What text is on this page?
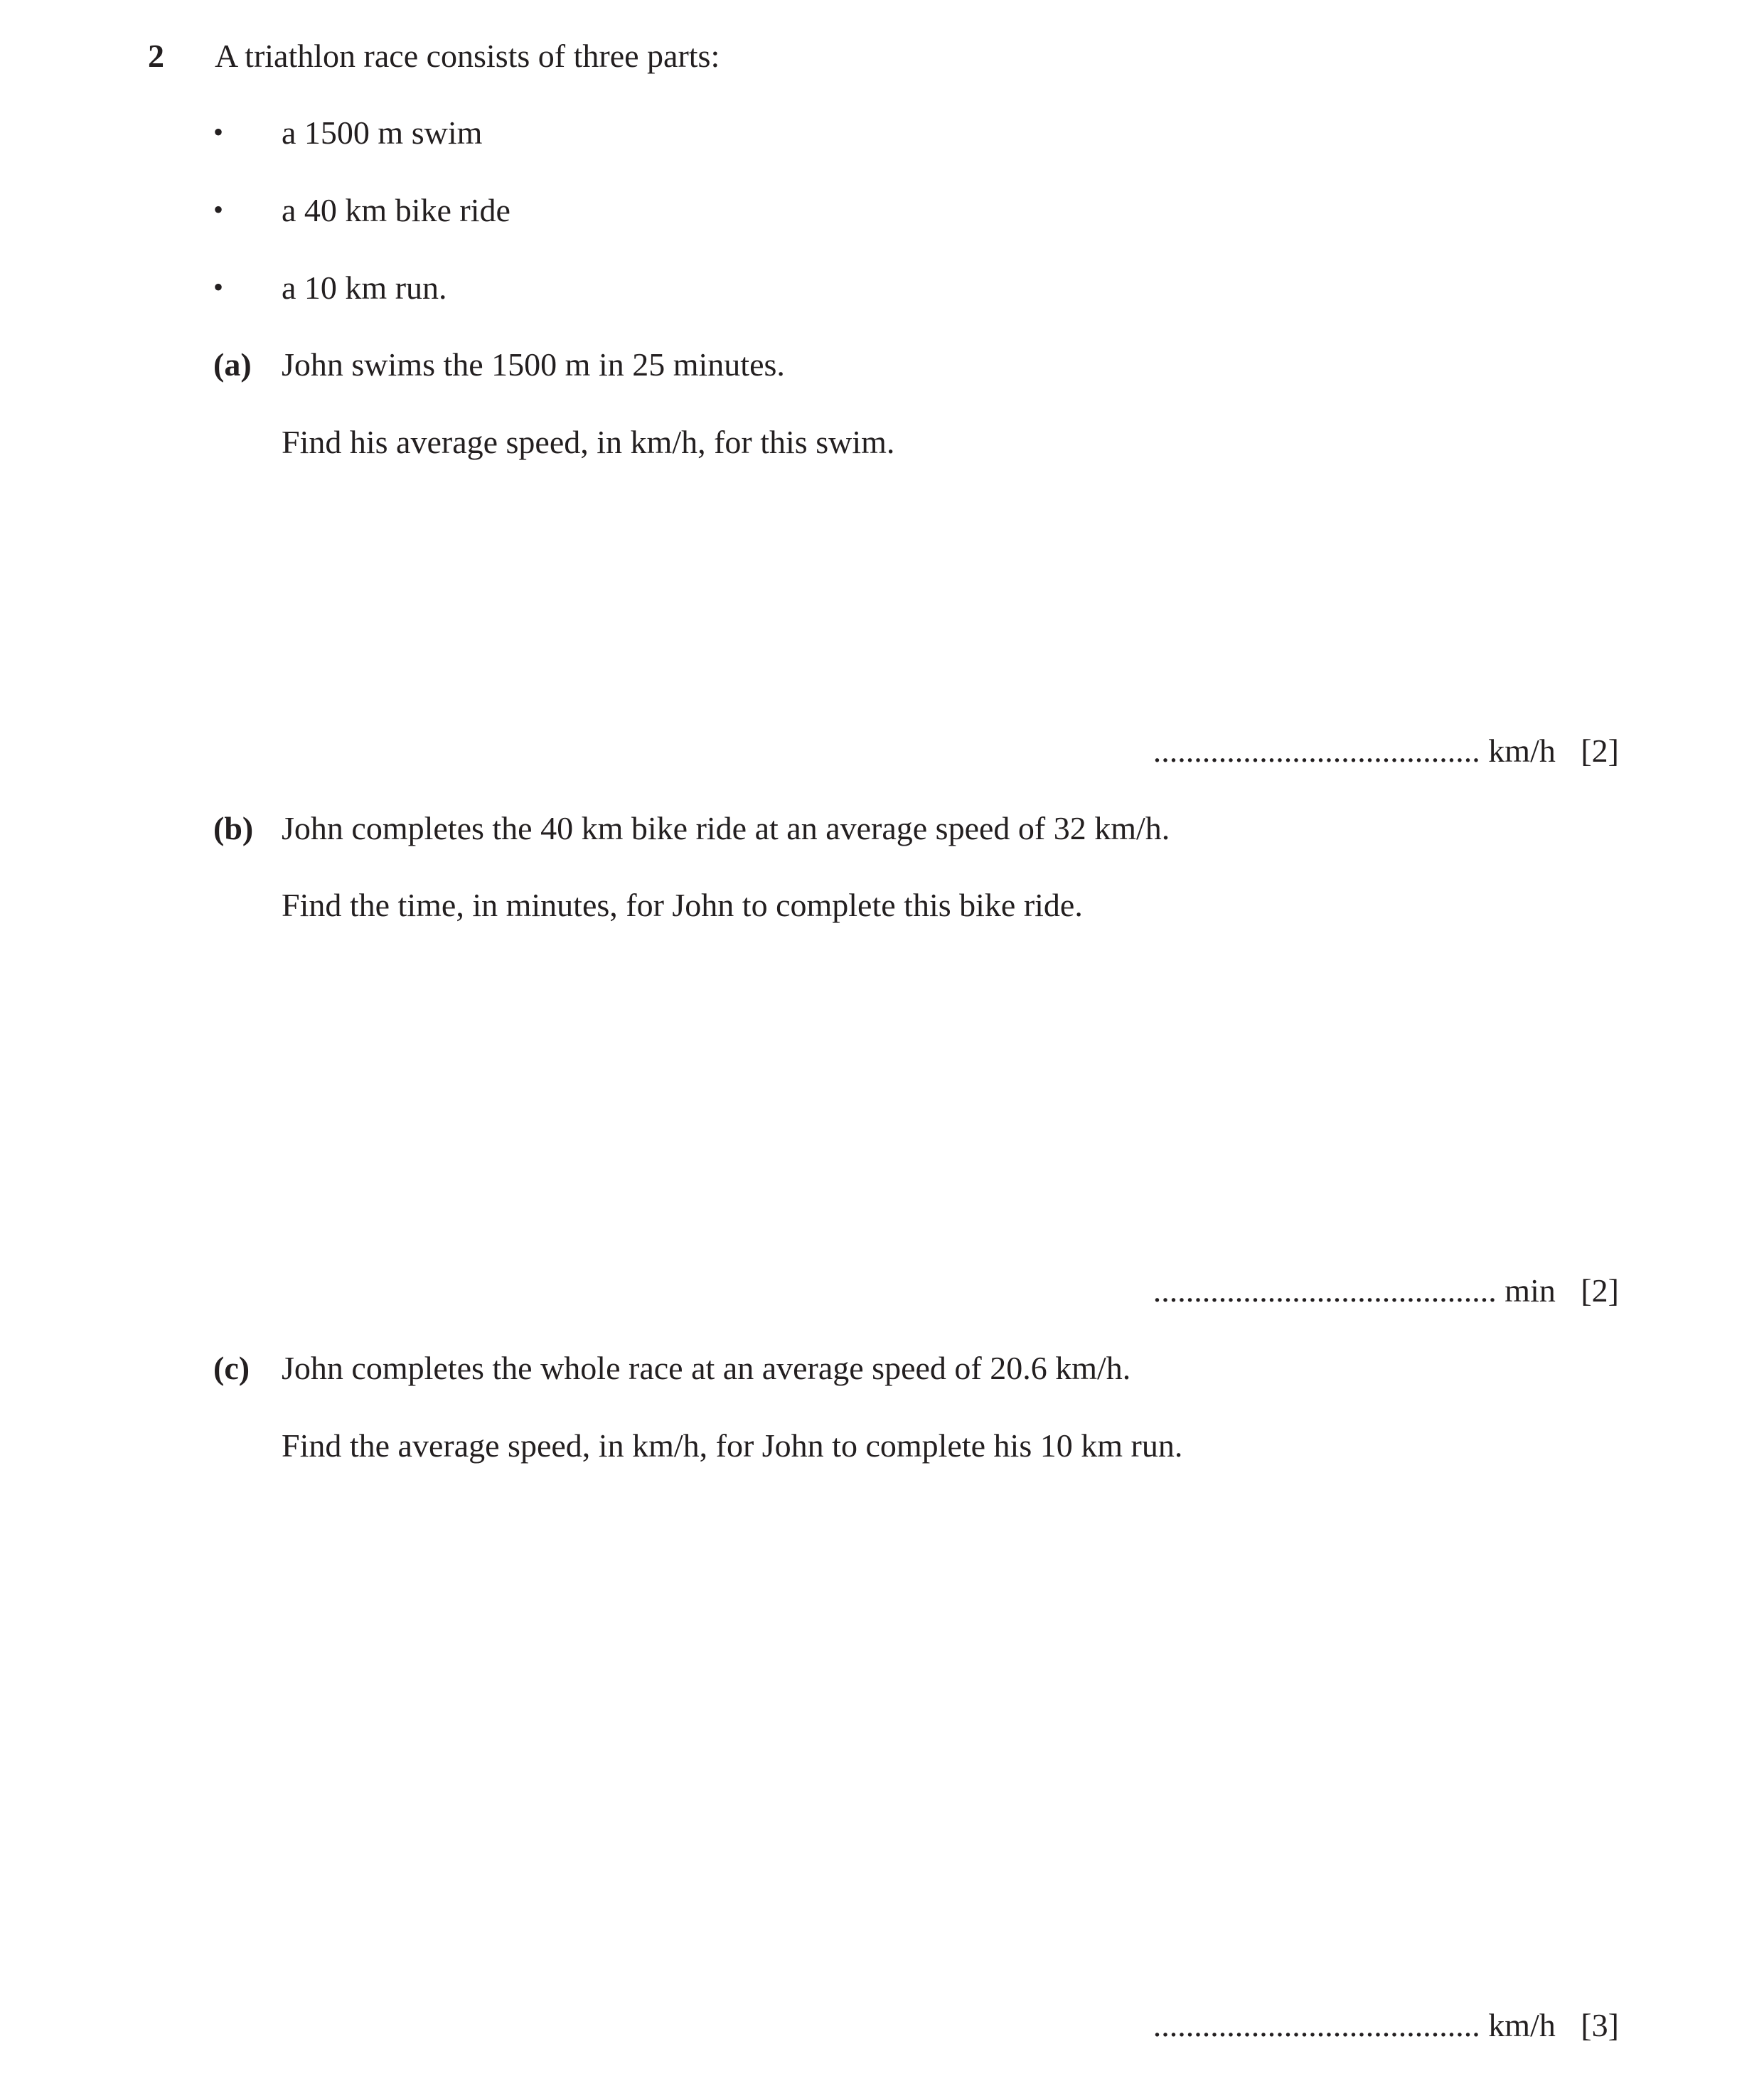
2 A triathlon race consists of three parts:
• a 1500 m swim
• a 40 km bike ride
• a 10 km run.
(a) John swims the 1500 m in 25 minutes.
Find his average speed, in km/h, for this swim.
........................................ km/h [2]
(b) John completes the 40 km bike ride at an average speed of 32 km/h.
Find the time, in minutes, for John to complete this bike ride.
.......................................... min [2]
(c) John completes the whole race at an average speed of 20.6 km/h.
Find the average speed, in km/h, for John to complete his 10 km run.
........................................ km/h [3]
